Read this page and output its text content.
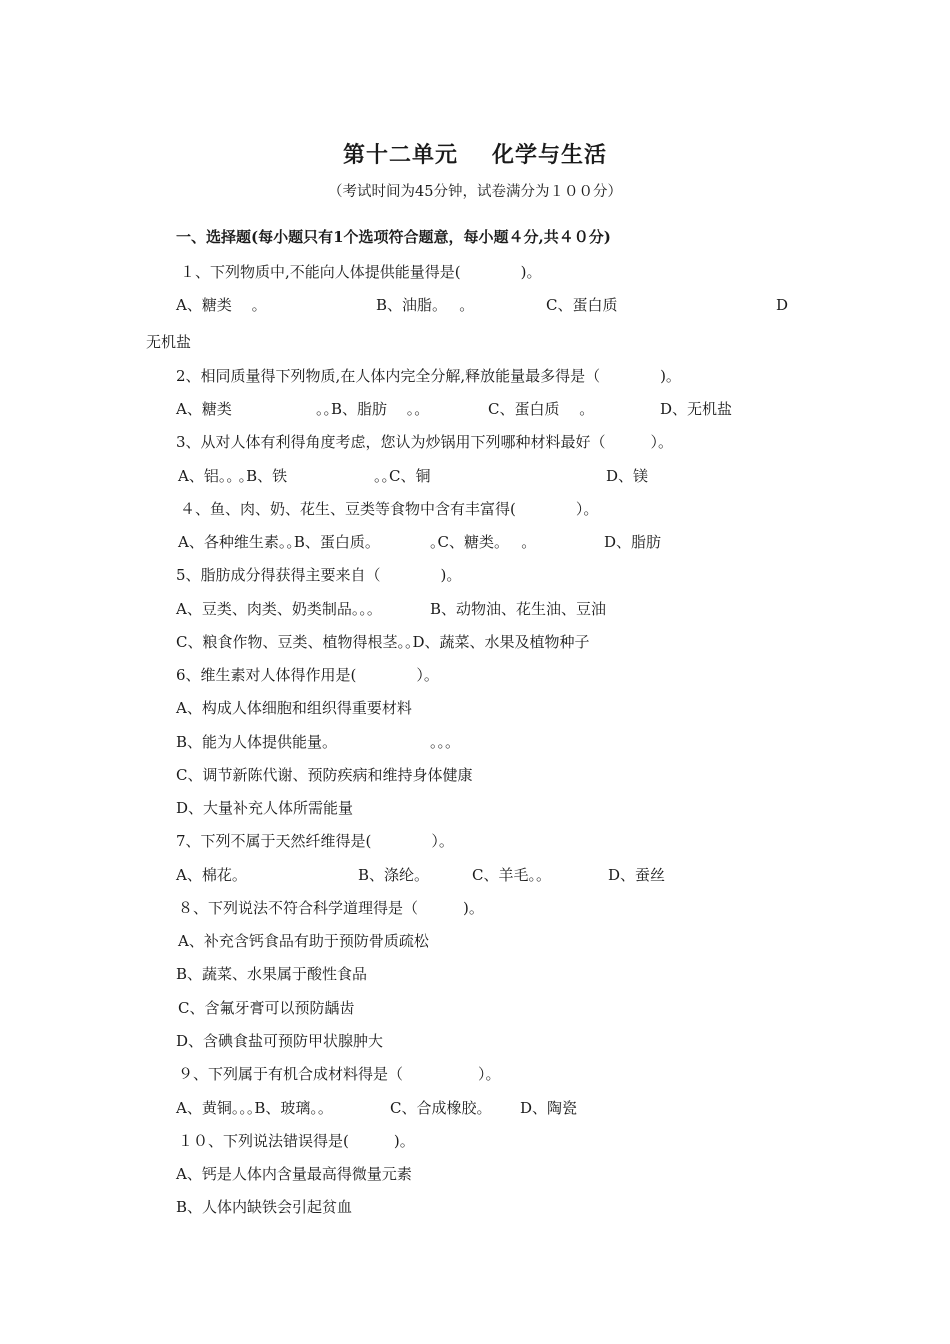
第十二单元 化学与生活
（考试时间为45分钟，试卷满分为１００分）
一、选择题(每小题只有1个选项符合题意，每小题４分,共４０分)
１、下列物质中,不能向人体提供能量得是(　　　　)。
A、糖类　 ｡	B、油脂｡　 ｡	C、蛋白质	D
无机盐
2、相同质量得下列物质,在人体内完全分解,释放能量最多得是（　　　　)。
A、糖类	｡｡B、脂肪　 ｡｡	C、蛋白质　 ｡	D、无机盐
3、从对人体有利得角度考虑，您认为炒锅用下列哪种材料最好（　　　）。
A、铝｡｡ ｡B、铁	｡｡C、铜	D、镁
４、鱼、肉、奶、花生、豆类等食物中含有丰富得(　　　　）。
A、各种维生素｡｡B、蛋白质｡	｡C、糖类｡　 ｡	D、脂肪
5、脂肪成分得获得主要来自（　　　　)。
A、豆类、肉类、奶类制品｡｡｡	B、动物油、花生油、豆油
C、粮食作物、豆类、植物得根茎｡｡D、蔬菜、水果及植物种子
6、维生素对人体得作用是(　　　　）。
A、构成人体细胞和组织得重要材料
B、能为人体提供能量｡	｡｡｡
C、调节新陈代谢、预防疾病和维持身体健康
D、大量补充人体所需能量
7、下列不属于天然纤维得是(　　　　）。
A、棉花｡	B、涤纶｡	C、羊毛｡｡	D、蚕丝
８、下列说法不符合科学道理得是（　　　)。
A、补充含钙食品有助于预防骨质疏松
B、蔬菜、水果属于酸性食品
C、含氟牙膏可以预防龋齿
D、含碘食盐可预防甲状腺肿大
９、下列属于有机合成材料得是（　　　　　）。
A、黄铜｡｡｡B、玻璃｡｡	C、合成橡胶｡ D、陶瓷
１０、下列说法错误得是(　　　)。
A、钙是人体内含量最高得微量元素
B、人体内缺铁会引起贫血
